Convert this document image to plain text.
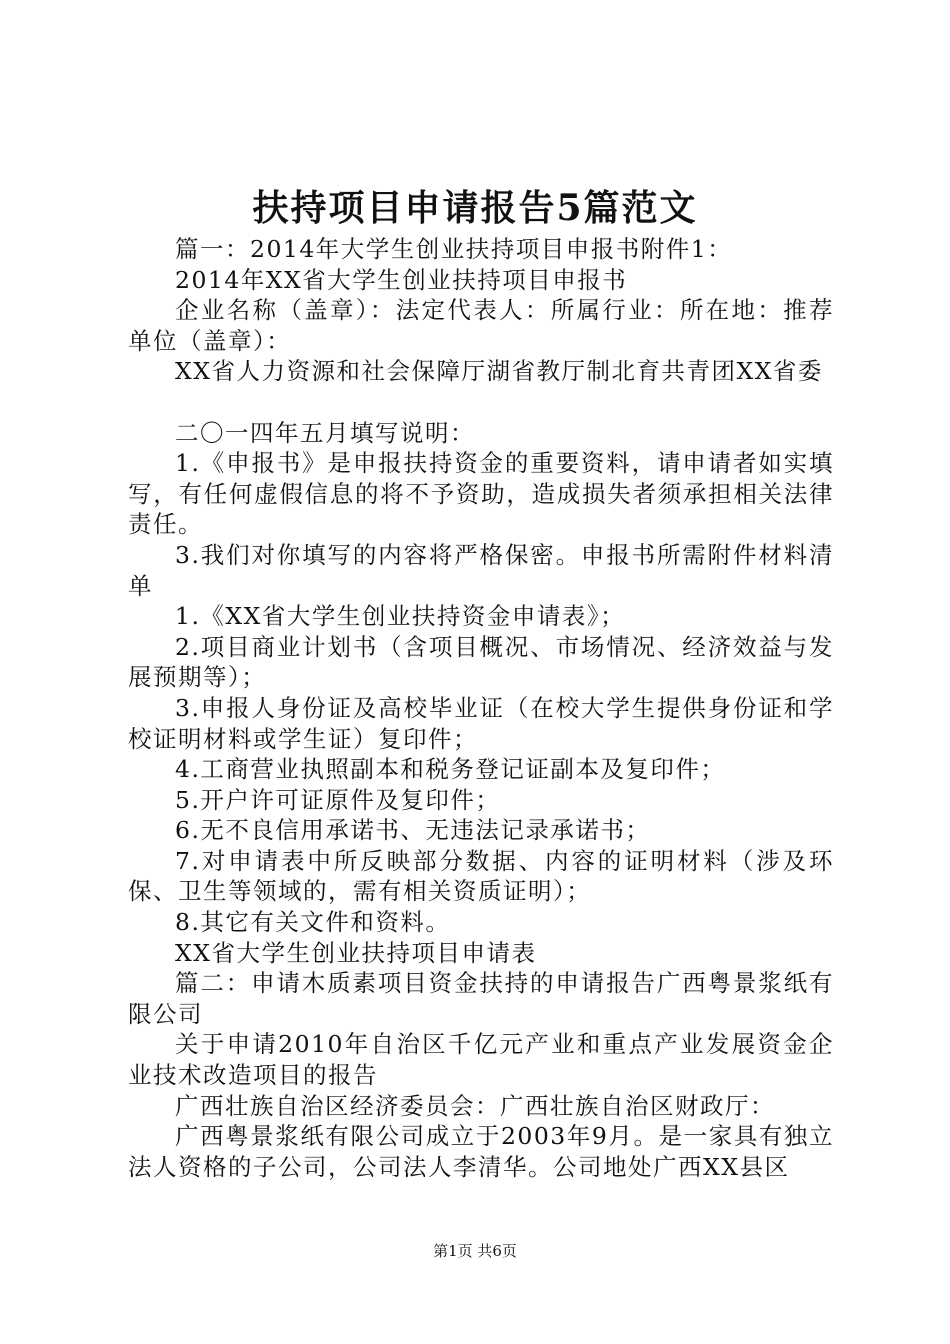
扶持项目申请报告5篇范文

篇一：2014年大学生创业扶持项目申报书附件1：

2014年XX省大学生创业扶持项目申报书

企业名称（盖章）：法定代表人：所属行业：所在地：推荐单位（盖章）：

XX省人力资源和社会保障厅湖省教厅制北育共青团XX省委

二〇一四年五月填写说明：

1.《申报书》是申报扶持资金的重要资料，请申请者如实填写，有任何虚假信息的将不予资助，造成损失者须承担相关法律责任。

3.我们对你填写的内容将严格保密。申报书所需附件材料清单

1.《XX省大学生创业扶持资金申请表》；

2.项目商业计划书（含项目概况、市场情况、经济效益与发展预期等）；

3.申报人身份证及高校毕业证（在校大学生提供身份证和学校证明材料或学生证）复印件；

4.工商营业执照副本和税务登记证副本及复印件；

5.开户许可证原件及复印件；

6.无不良信用承诺书、无违法记录承诺书；

7.对申请表中所反映部分数据、内容的证明材料（涉及环保、卫生等领域的，需有相关资质证明）；

8.其它有关文件和资料。

XX省大学生创业扶持项目申请表

篇二：申请木质素项目资金扶持的申请报告广西粤景浆纸有限公司

关于申请2010年自治区千亿元产业和重点产业发展资金企业技术改造项目的报告

广西壮族自治区经济委员会：广西壮族自治区财政厅：

广西粤景浆纸有限公司成立于2003年9月。是一家具有独立法人资格的子公司，公司法人李清华。公司地处广西XX县区

第1页 共6页
